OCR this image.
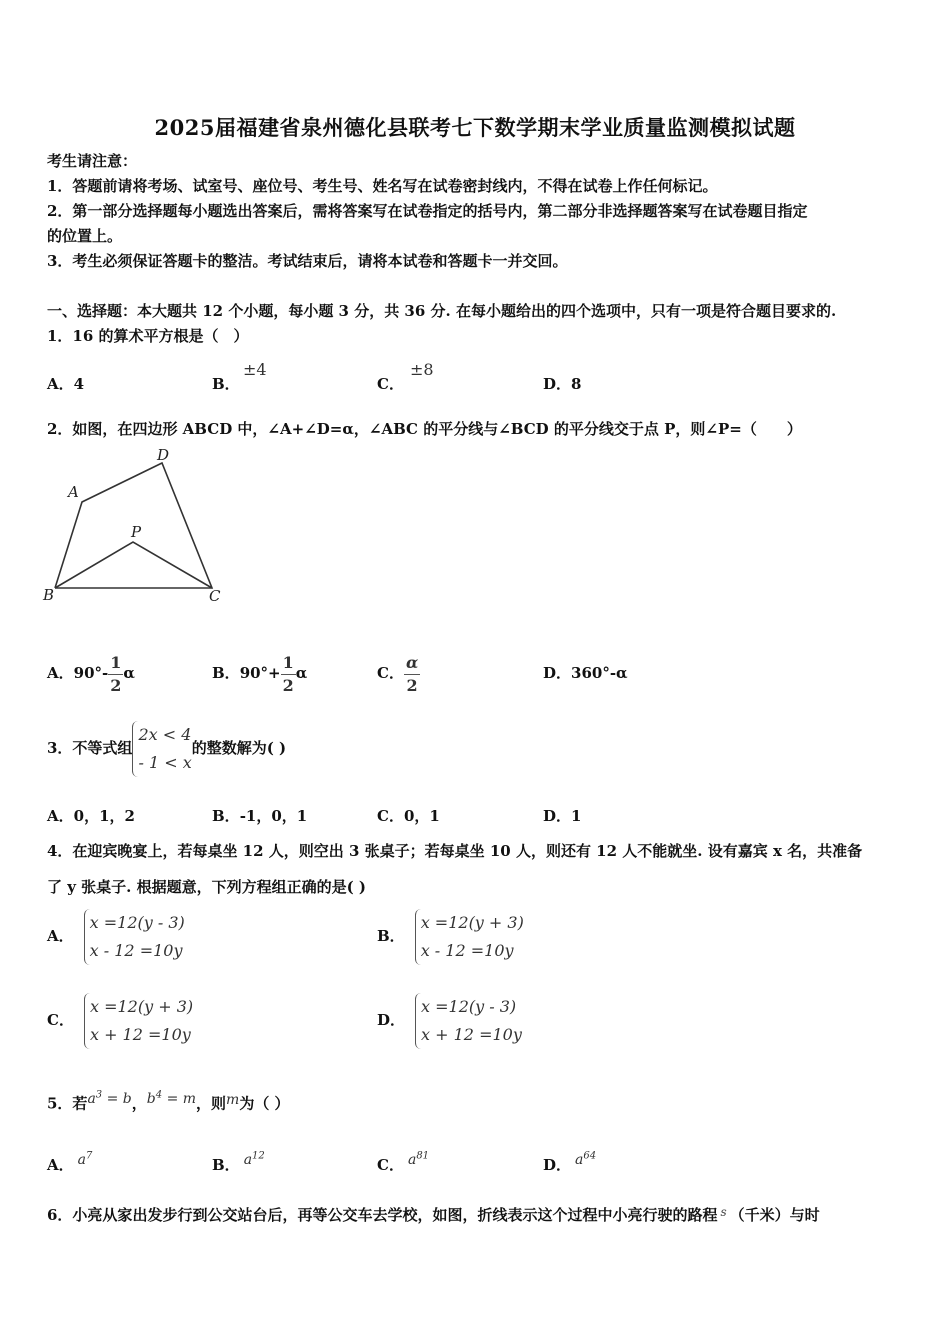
2025届福建省泉州德化县联考七下数学期末学业质量监测模拟试题
考生请注意：
1．答题前请将考场、试室号、座位号、考生号、姓名写在试卷密封线内，不得在试卷上作任何标记。
2．第一部分选择题每小题选出答案后，需将答案写在试卷指定的括号内，第二部分非选择题答案写在试卷题目指定
的位置上。
3．考生必须保证答题卡的整洁。考试结束后，请将本试卷和答题卡一并交回。
一、选择题：本大题共 12 个小题，每小题 3 分，共 36 分. 在每小题给出的四个选项中，只有一项是符合题目要求的.
1．16 的算术平方根是（　）
A．4	B．
±4
C．
±8
D．8
2．如图，在四边形 ABCD 中，∠A+∠D=α，∠ABC 的平分线与∠BCD 的平分线交于点 P，则∠P=（　　）
A
D
P
B	C
A．$90^\circ- \frac{1}{2}$ α	B．$90^\circ+ \frac{1}{2}$ α	C． $\frac{\alpha}{2}$	D．360°-α
3．不等式组
2x < 4
- 1 < x
的整数解为( )
A．0，1，2	B．-1，0，1	C．0，1	D．1
4．在迎宾晚宴上，若每桌坐 12 人，则空出 3 张桌子；若每桌坐 10 人，则还有 12 人不能就坐. 设有嘉宾 x 名，共准备
了 y 张桌子. 根据题意，下列方程组正确的是( )
A．
x =12(y - 3)
x - 12 =10y
B．
x =12(y + 3)
x - 12 =10y
C．
x =12(y + 3)
x + 12 =10y
D．
x =12(y - 3)
x + 12 =10y
5．若$a^3 = b$，$b^4 = m$，则m为（ ）
A． $a^7$
B． $a^{12}$
C． $a^{81}$
D． $a^{64}$
6．小亮从家出发步行到公交站台后，再等公交车去学校，如图，折线表示这个过程中小亮行驶的路程 $^s$ （千米）与时
